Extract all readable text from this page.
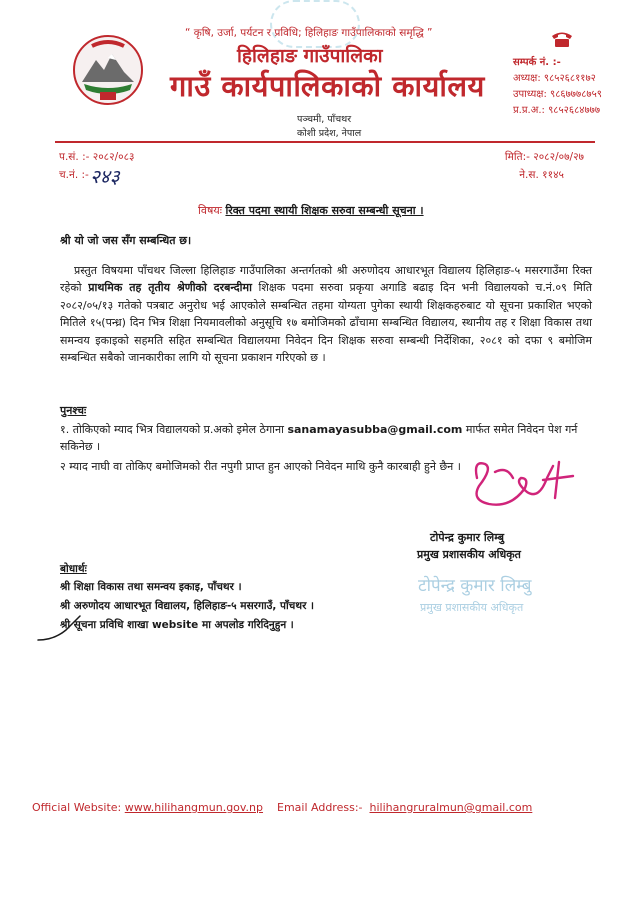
“ कृषि, उर्जा, पर्यटन र प्रविधि; हिलिहाङ गाउँपालिकाको समृद्धि ”
हिलिहाङ गाउँपालिका
गाउँ कार्यपालिकाको कार्यालय
पञ्चमी, पाँचथर
कोशी प्रदेश, नेपाल
सम्पर्क नं. :-
अध्यक्ष: ९८५२६८११७२
उपाध्यक्ष: ९८६७७७८७५९
प्र.प्र.अ.: ९८५२६८४७७७
प.सं. :- २०८२/०८३
च.नं. :- २४३
मिति:- २०८२/०७/२७
ने.स. ११४५
विषयः रिक्त पदमा स्थायी शिक्षक सरुवा सम्बन्धी सूचना ।
श्री यो जो जस सँग सम्बन्धित छ।
प्रस्तुत विषयमा पाँचथर जिल्ला हिलिहाङ गाउँपालिका अन्तर्गतको श्री अरुणोदय आधारभूत विद्यालय हिलिहाङ-५ मसरगाउँमा रिक्त रहेको प्राथमिक तह तृतीय श्रेणीको दरबन्दीमा शिक्षक पदमा सरुवा प्रकृया अगाडि बढाइ दिन भनी विद्यालयको च.नं.०९ मिति २०८२/०५/१३ गतेको पत्रबाट अनुरोध भई आएकोले सम्बन्धित तहमा योग्यता पुगेका स्थायी शिक्षकहरुबाट यो सूचना प्रकाशित भएको मितिले १५(पन्ध्र) दिन भित्र शिक्षा नियमावलीको अनुसूचि १७ बमोजिमको ढाँचामा सम्बन्धित विद्यालय, स्थानीय तह र शिक्षा विकास तथा समन्वय इकाइको सहमति सहित सम्बन्धित विद्यालयमा निवेदन दिन शिक्षक सरुवा सम्बन्धी निर्देशिका, २०८१ को दफा ९ बमोजिम सम्बन्धित सबैको जानकारीका लागि यो सूचना प्रकाशन गरिएको छ ।
पुनश्चः
१. तोकिएको म्याद भित्र विद्यालयको प्र.अको इमेल ठेगाना sanamayasubba@gmail.com मार्फत समेत निवेदन पेश गर्न सकिनेछ ।
२ म्याद नाघी वा तोकिए बमोजिमको रीत नपुगी प्राप्त हुन आएको निवेदन माथि कुनै कारबाही हुने छैन ।
टोपेन्द्र कुमार लिम्बु
प्रमुख प्रशासकीय अधिकृत
टोपेन्द्र कुमार लिम्बु
प्रमुख प्रशासकीय अधिकृत
बोधार्थः
श्री शिक्षा विकास तथा समन्वय इकाइ, पाँचथर ।
श्री अरुणोदय आधारभूत विद्यालय, हिलिहाङ-५ मसरगाउँ, पाँचथर ।
श्री सूचना प्रविधि शाखा website मा अपलोड गरिदिनुहुन ।
Official Website: www.hilihangmun.gov.np Email Address:- hilihangruralmun@gmail.com
